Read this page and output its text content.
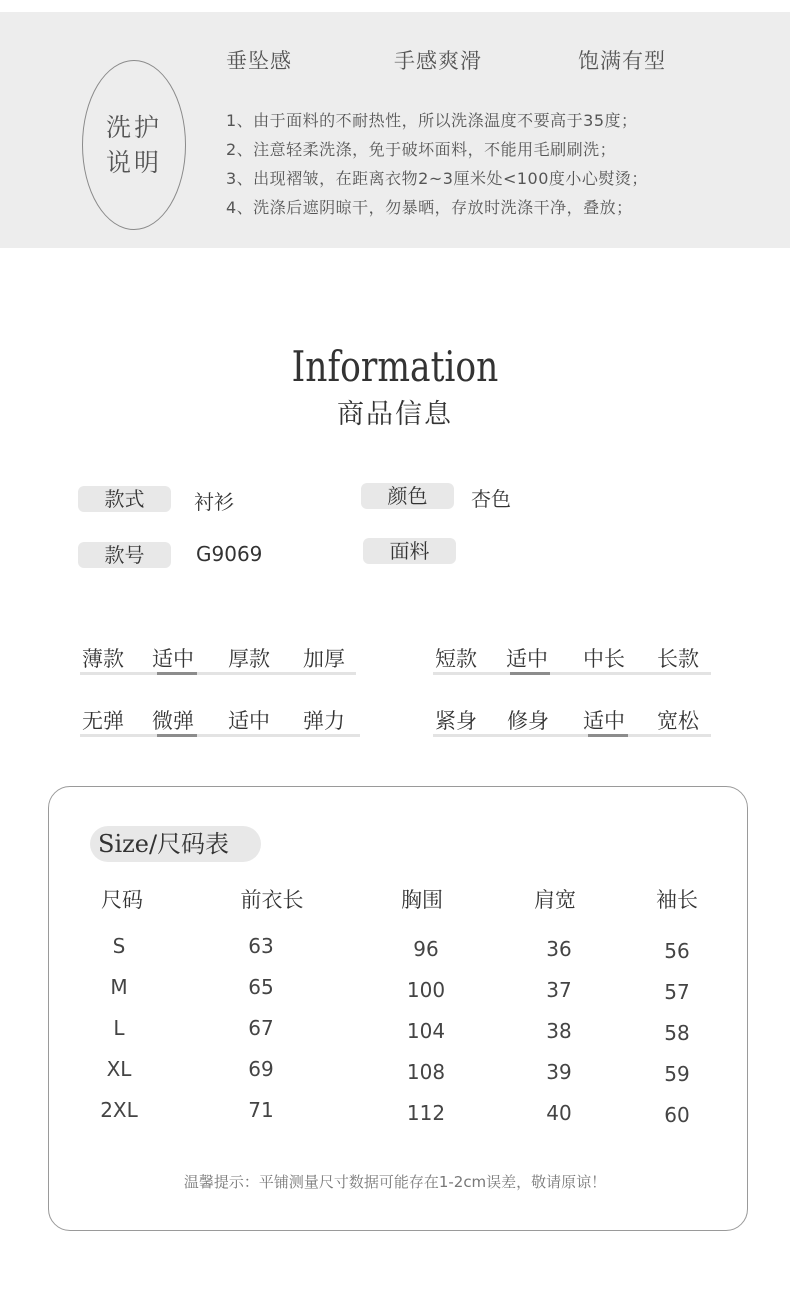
洗护
说明
垂坠感	手感爽滑	饱满有型
1、由于面料的不耐热性，所以洗涤温度不要高于35度；
2、注意轻柔洗涤，免于破坏面料，不能用毛刷刷洗；
3、出现褶皱，在距离衣物2~3厘米处<100度小心熨烫；
4、洗涤后遮阴晾干，勿暴晒，存放时洗涤干净，叠放；
Information
商品信息
款式	衬衫	颜色	杏色
款号	G9069	面料
薄款 适中 厚款 加厚	短款 适中 中长 长款
无弹 微弹 适中 弹力	紧身 修身 适中 宽松
Size/尺码表
尺码	前衣长	胸围	肩宽	袖长
S	63	96	36	56
M	65	100	37	57
L	67	104	38	58
XL	69	108	39	59
2XL	71	112	40	60
温馨提示：平铺测量尺寸数据可能存在1-2cm误差，敬请原谅！
